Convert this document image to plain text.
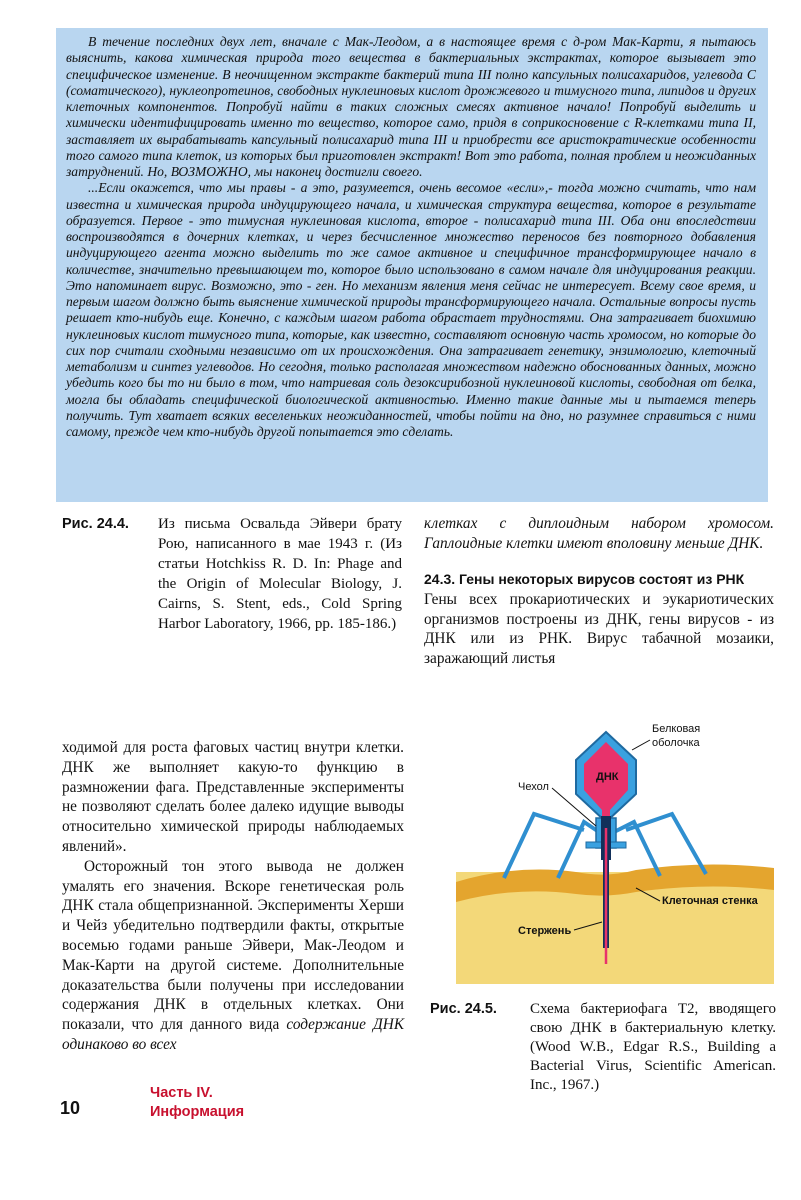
В течение последних двух лет, вначале с Мак-Леодом, а в настоящее время с д-ром Мак-Карти, я пытаюсь выяснить, какова химическая природа того вещества в бактериальных экстрактах, которое вызывает это специфическое изменение. В неочищенном экстракте бактерий типа III полно капсульных полисахаридов, углевода С (соматического), нуклеопротеинов, свободных нуклеиновых кислот дрожжевого и тимусного типа, липидов и других клеточных компонентов. Попробуй найти в таких сложных смесях активное начало! Попробуй выделить и химически идентифицировать именно то вещество, которое само, придя в соприкосновение с R-клетками типа II, заставляет их вырабатывать капсульный полисахарид типа III и приобрести все аристократические особенности того самого типа клеток, из которых был приготовлен экстракт! Вот это работа, полная проблем и неожиданных затруднений. Но, ВОЗМОЖНО, мы наконец достигли своего.

...Если окажется, что мы правы - а это, разумеется, очень весомое «если»,- тогда можно считать, что нам известна и химическая природа индуцирующего начала, и химическая структура вещества, которое в результате образуется. Первое - это тимусная нуклеиновая кислота, второе - полисахарид типа III. Оба они впоследствии воспроизводятся в дочерних клетках, и через бесчисленное множество переносов без повторного добавления индуцирующего агента можно выделить то же самое активное и специфичное трансформирующее начало в количестве, значительно превышающем то, которое было использовано в самом начале для индуцирования реакции. Это напоминает вирус. Возможно, это - ген. Но механизм явления меня сейчас не интересует. Всему свое время, и первым шагом должно быть выяснение химической природы трансформирующего начала. Остальные вопросы пусть решает кто-нибудь еще. Конечно, с каждым шагом работа обрастает трудностями. Она затрагивает биохимию нуклеиновых кислот тимусного типа, которые, как известно, составляют основную часть хромосом, но которые до сих пор считали сходными независимо от их происхождения. Она затрагивает генетику, энзимологию, клеточный метаболизм и синтез углеводов. Но сегодня, только располагая множеством надежно обоснованных данных, можно убедить кого бы то ни было в том, что натриевая соль дезоксирибозной нуклеиновой кислоты, свободная от белка, могла бы обладать специфической биологической активностью. Именно такие данные мы и пытаемся теперь получить. Тут хватает всяких веселеньких неожиданностей, чтобы пойти на дно, но разумнее справиться с ними самому, прежде чем кто-нибудь другой попытается это сделать.

Рис. 24.4. Из письма Освальда Эйвери брату Рою, написанного в мае 1943 г. (Из статьи Hotchkiss R. D. In: Phage and the Origin of Molecular Biology, J. Cairns, S. Stent, eds., Cold Spring Harbor Laboratory, 1966, pp. 185-186.)

клетках с диплоидным набором хромосом. Гаплоидные клетки имеют вполовину меньше ДНК.

24.3. Гены некоторых вирусов состоят из РНК

Гены всех прокариотических и эукариотических организмов построены из ДНК, гены вирусов - из ДНК или из РНК. Вирус табачной мозаики, заражающий листья

ходимой для роста фаговых частиц внутри клетки. ДНК же выполняет какую-то функцию в размножении фага. Представленные эксперименты не позволяют сделать более далеко идущие выводы относительно химической природы наблюдаемых явлений».

Осторожный тон этого вывода не должен умалять его значения. Вскоре генетическая роль ДНК стала общепризнанной. Эксперименты Херши и Чейз убедительно подтвердили факты, открытые восемью годами раньше Эйвери, Мак-Леодом и Мак-Карти на другой системе. Дополнительные доказательства были получены при исследовании содержания ДНК в отдельных клетках. Они показали, что для данного вида содержание ДНК одинаково во всех

Белковая
оболочка
ДНК
Чехол
Клеточная стенка
Стержень
Рис. 24.5. Схема бактериофага Т2, вводящего свою ДНК в бактериальную клетку. (Wood W.B., Edgar R.S., Building a Bacterial Virus, Scientific American. Inc., 1967.)
10
Часть IV.
Информация
